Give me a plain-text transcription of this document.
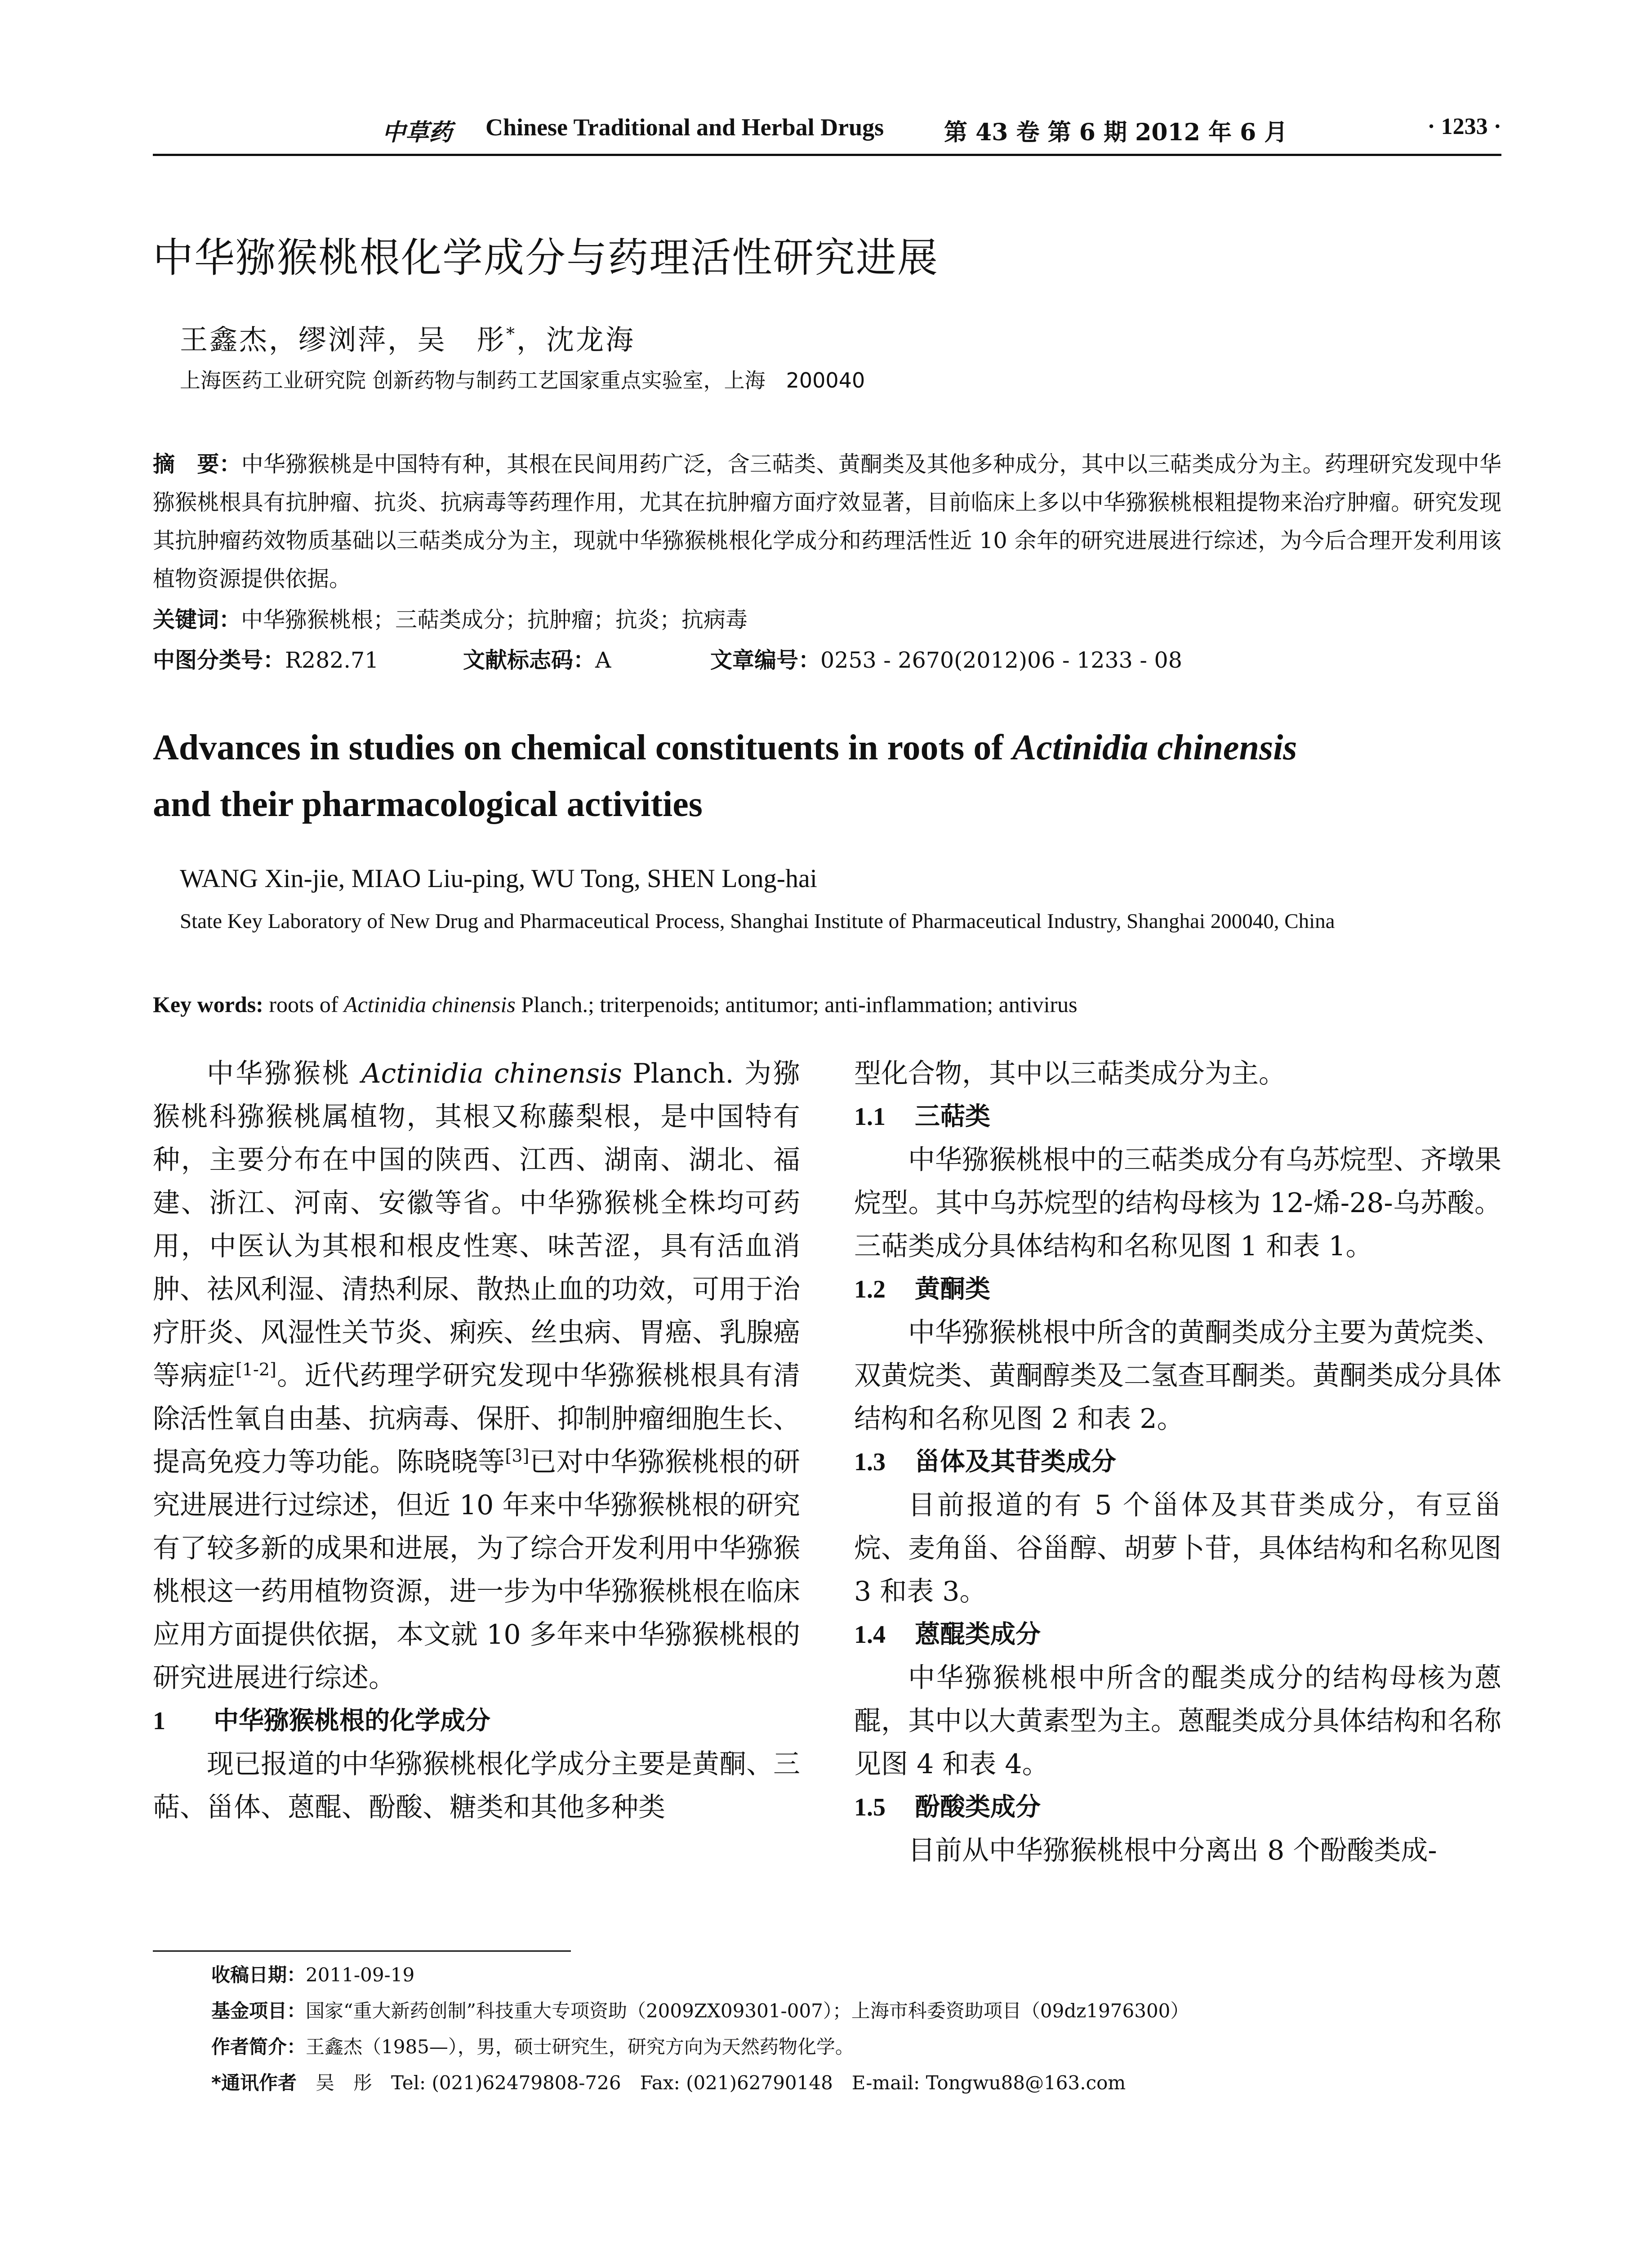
中草药 Chinese Traditional and Herbal Drugs	第 43 卷 第 6 期 2012 年 6 月	· 1233 ·
中华猕猴桃根化学成分与药理活性研究进展
王鑫杰，缪浏萍，吴　彤*，沈龙海
上海医药工业研究院 创新药物与制药工艺国家重点实验室，上海　200040
摘　要：中华猕猴桃是中国特有种，其根在民间用药广泛，含三萜类、黄酮类及其他多种成分，其中以三萜类成分为主。药理研究发现中华猕猴桃根具有抗肿瘤、抗炎、抗病毒等药理作用，尤其在抗肿瘤方面疗效显著，目前临床上多以中华猕猴桃根粗提物来治疗肿瘤。研究发现其抗肿瘤药效物质基础以三萜类成分为主，现就中华猕猴桃根化学成分和药理活性近 10 余年的研究进展进行综述，为今后合理开发利用该植物资源提供依据。
关键词：中华猕猴桃根；三萜类成分；抗肿瘤；抗炎；抗病毒
中图分类号：R282.71	文献标志码：A	文章编号：0253 - 2670(2012)06 - 1233 - 08
Advances in studies on chemical constituents in roots of Actinidia chinensis
and their pharmacological activities
WANG Xin-jie, MIAO Liu-ping, WU Tong, SHEN Long-hai
State Key Laboratory of New Drug and Pharmaceutical Process, Shanghai Institute of Pharmaceutical Industry, Shanghai 200040, China
Key words: roots of Actinidia chinensis Planch.; triterpenoids; antitumor; anti-inflammation; antivirus

中华猕猴桃 Actinidia chinensis Planch. 为猕猴桃科猕猴桃属植物，其根又称藤梨根，是中国特有种，主要分布在中国的陕西、江西、湖南、湖北、福建、浙江、河南、安徽等省。中华猕猴桃全株均可药用，中医认为其根和根皮性寒、味苦涩，具有活血消肿、祛风利湿、清热利尿、散热止血的功效，可用于治疗肝炎、风湿性关节炎、痢疾、丝虫病、胃癌、乳腺癌等病症[1-2]。近代药理学研究发现中华猕猴桃根具有清除活性氧自由基、抗病毒、保肝、抑制肿瘤细胞生长、提高免疫力等功能。陈晓晓等[3]已对中华猕猴桃根的研究进展进行过综述，但近 10 年来中华猕猴桃根的研究有了较多新的成果和进展，为了综合开发利用中华猕猴桃根这一药用植物资源，进一步为中华猕猴桃根在临床应用方面提供依据，本文就 10 多年来中华猕猴桃根的研究进展进行综述。

1 中华猕猴桃根的化学成分

现已报道的中华猕猴桃根化学成分主要是黄酮、三萜、甾体、蒽醌、酚酸、糖类和其他多种类

型化合物，其中以三萜类成分为主。

1.1 三萜类

中华猕猴桃根中的三萜类成分有乌苏烷型、齐墩果烷型。其中乌苏烷型的结构母核为 12-烯-28-乌苏酸。三萜类成分具体结构和名称见图 1 和表 1。

1.2 黄酮类

中华猕猴桃根中所含的黄酮类成分主要为黄烷类、双黄烷类、黄酮醇类及二氢查耳酮类。黄酮类成分具体结构和名称见图 2 和表 2。

1.3 甾体及其苷类成分

目前报道的有 5 个甾体及其苷类成分，有豆甾烷、麦角甾、谷甾醇、胡萝卜苷，具体结构和名称见图 3 和表 3。

1.4 蒽醌类成分

中华猕猴桃根中所含的醌类成分的结构母核为蒽醌，其中以大黄素型为主。蒽醌类成分具体结构和名称见图 4 和表 4。

1.5 酚酸类成分

目前从中华猕猴桃根中分离出 8 个酚酸类成-

收稿日期：2011-09-19
基金项目：国家“重大新药创制”科技重大专项资助（2009ZX09301-007）；上海市科委资助项目（09dz1976300）
作者简介：王鑫杰（1985—），男，硕士研究生，研究方向为天然药物化学。
*通讯作者　吴　彤　Tel: (021)62479808-726　Fax: (021)62790148　E-mail: Tongwu88@163.com
